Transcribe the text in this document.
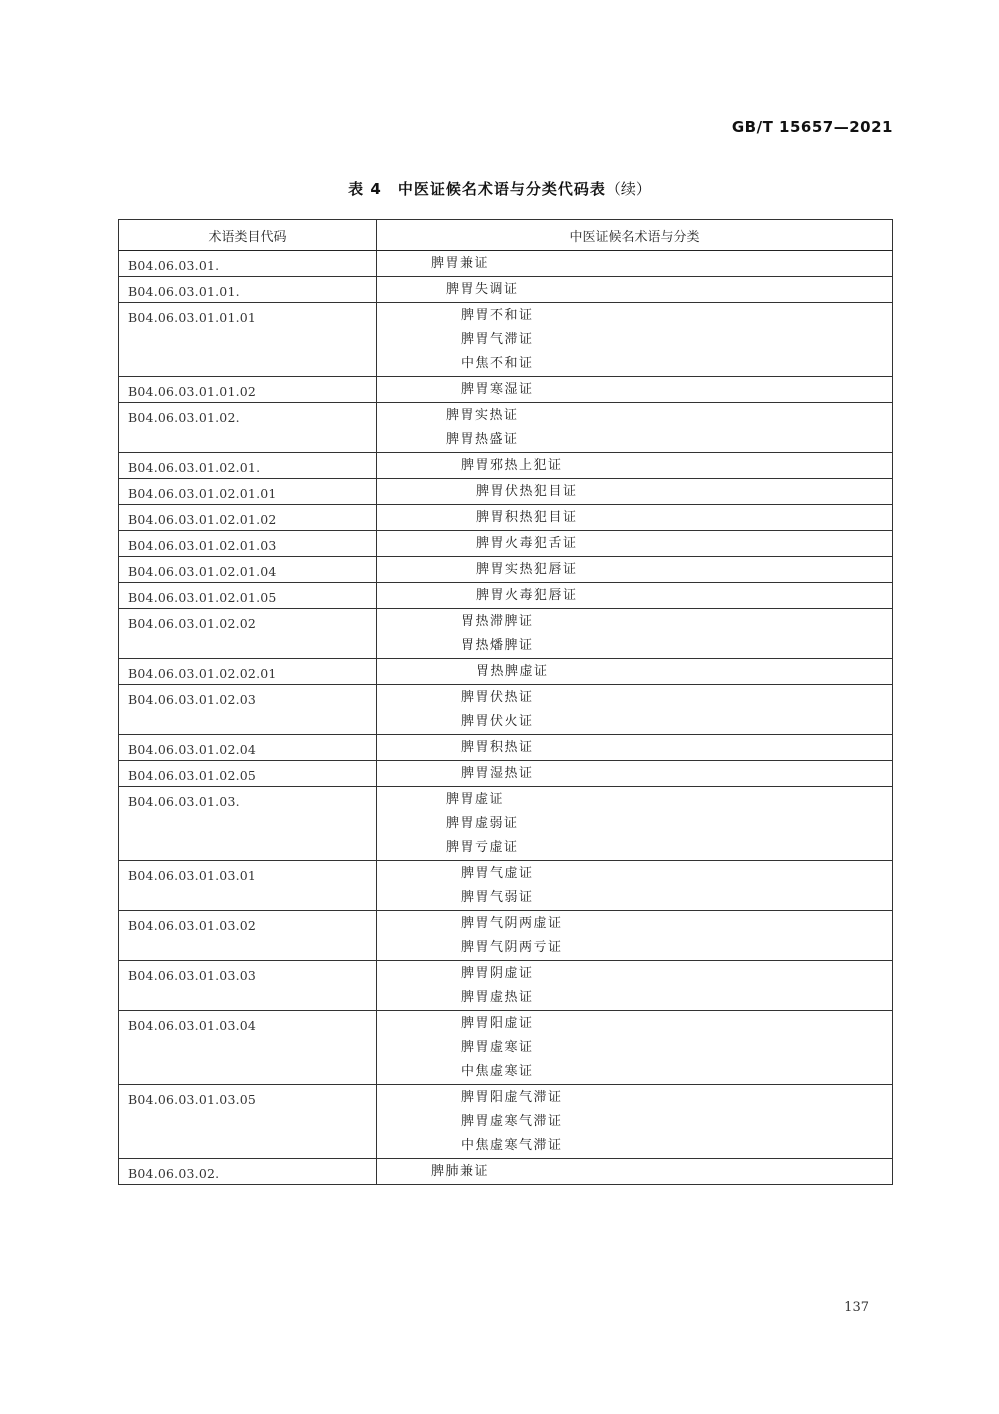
GB/T 15657—2021
表 4　中医证候名术语与分类代码表（续）
术语类目代码	中医证候名术语与分类
B04.06.03.01.	脾胃兼证

B04.06.03.01.01.	脾胃失调证

B04.06.03.01.01.01	脾胃不和证
脾胃气滞证
中焦不和证

B04.06.03.01.01.02	脾胃寒湿证

B04.06.03.01.02.	脾胃实热证
脾胃热盛证

B04.06.03.01.02.01.	脾胃邪热上犯证

B04.06.03.01.02.01.01	脾胃伏热犯目证

B04.06.03.01.02.01.02	脾胃积热犯目证

B04.06.03.01.02.01.03	脾胃火毒犯舌证

B04.06.03.01.02.01.04	脾胃实热犯唇证

B04.06.03.01.02.01.05	脾胃火毒犯唇证

B04.06.03.01.02.02	胃热滞脾证
胃热燔脾证

B04.06.03.01.02.02.01	胃热脾虚证

B04.06.03.01.02.03	脾胃伏热证
脾胃伏火证

B04.06.03.01.02.04	脾胃积热证

B04.06.03.01.02.05	脾胃湿热证

B04.06.03.01.03.	脾胃虚证
脾胃虚弱证
脾胃亏虚证

B04.06.03.01.03.01	脾胃气虚证
脾胃气弱证

B04.06.03.01.03.02	脾胃气阴两虚证
脾胃气阴两亏证

B04.06.03.01.03.03	脾胃阴虚证
脾胃虚热证

B04.06.03.01.03.04	脾胃阳虚证
脾胃虚寒证
中焦虚寒证

B04.06.03.01.03.05	脾胃阳虚气滞证
脾胃虚寒气滞证
中焦虚寒气滞证

B04.06.03.02.	脾肺兼证
137
